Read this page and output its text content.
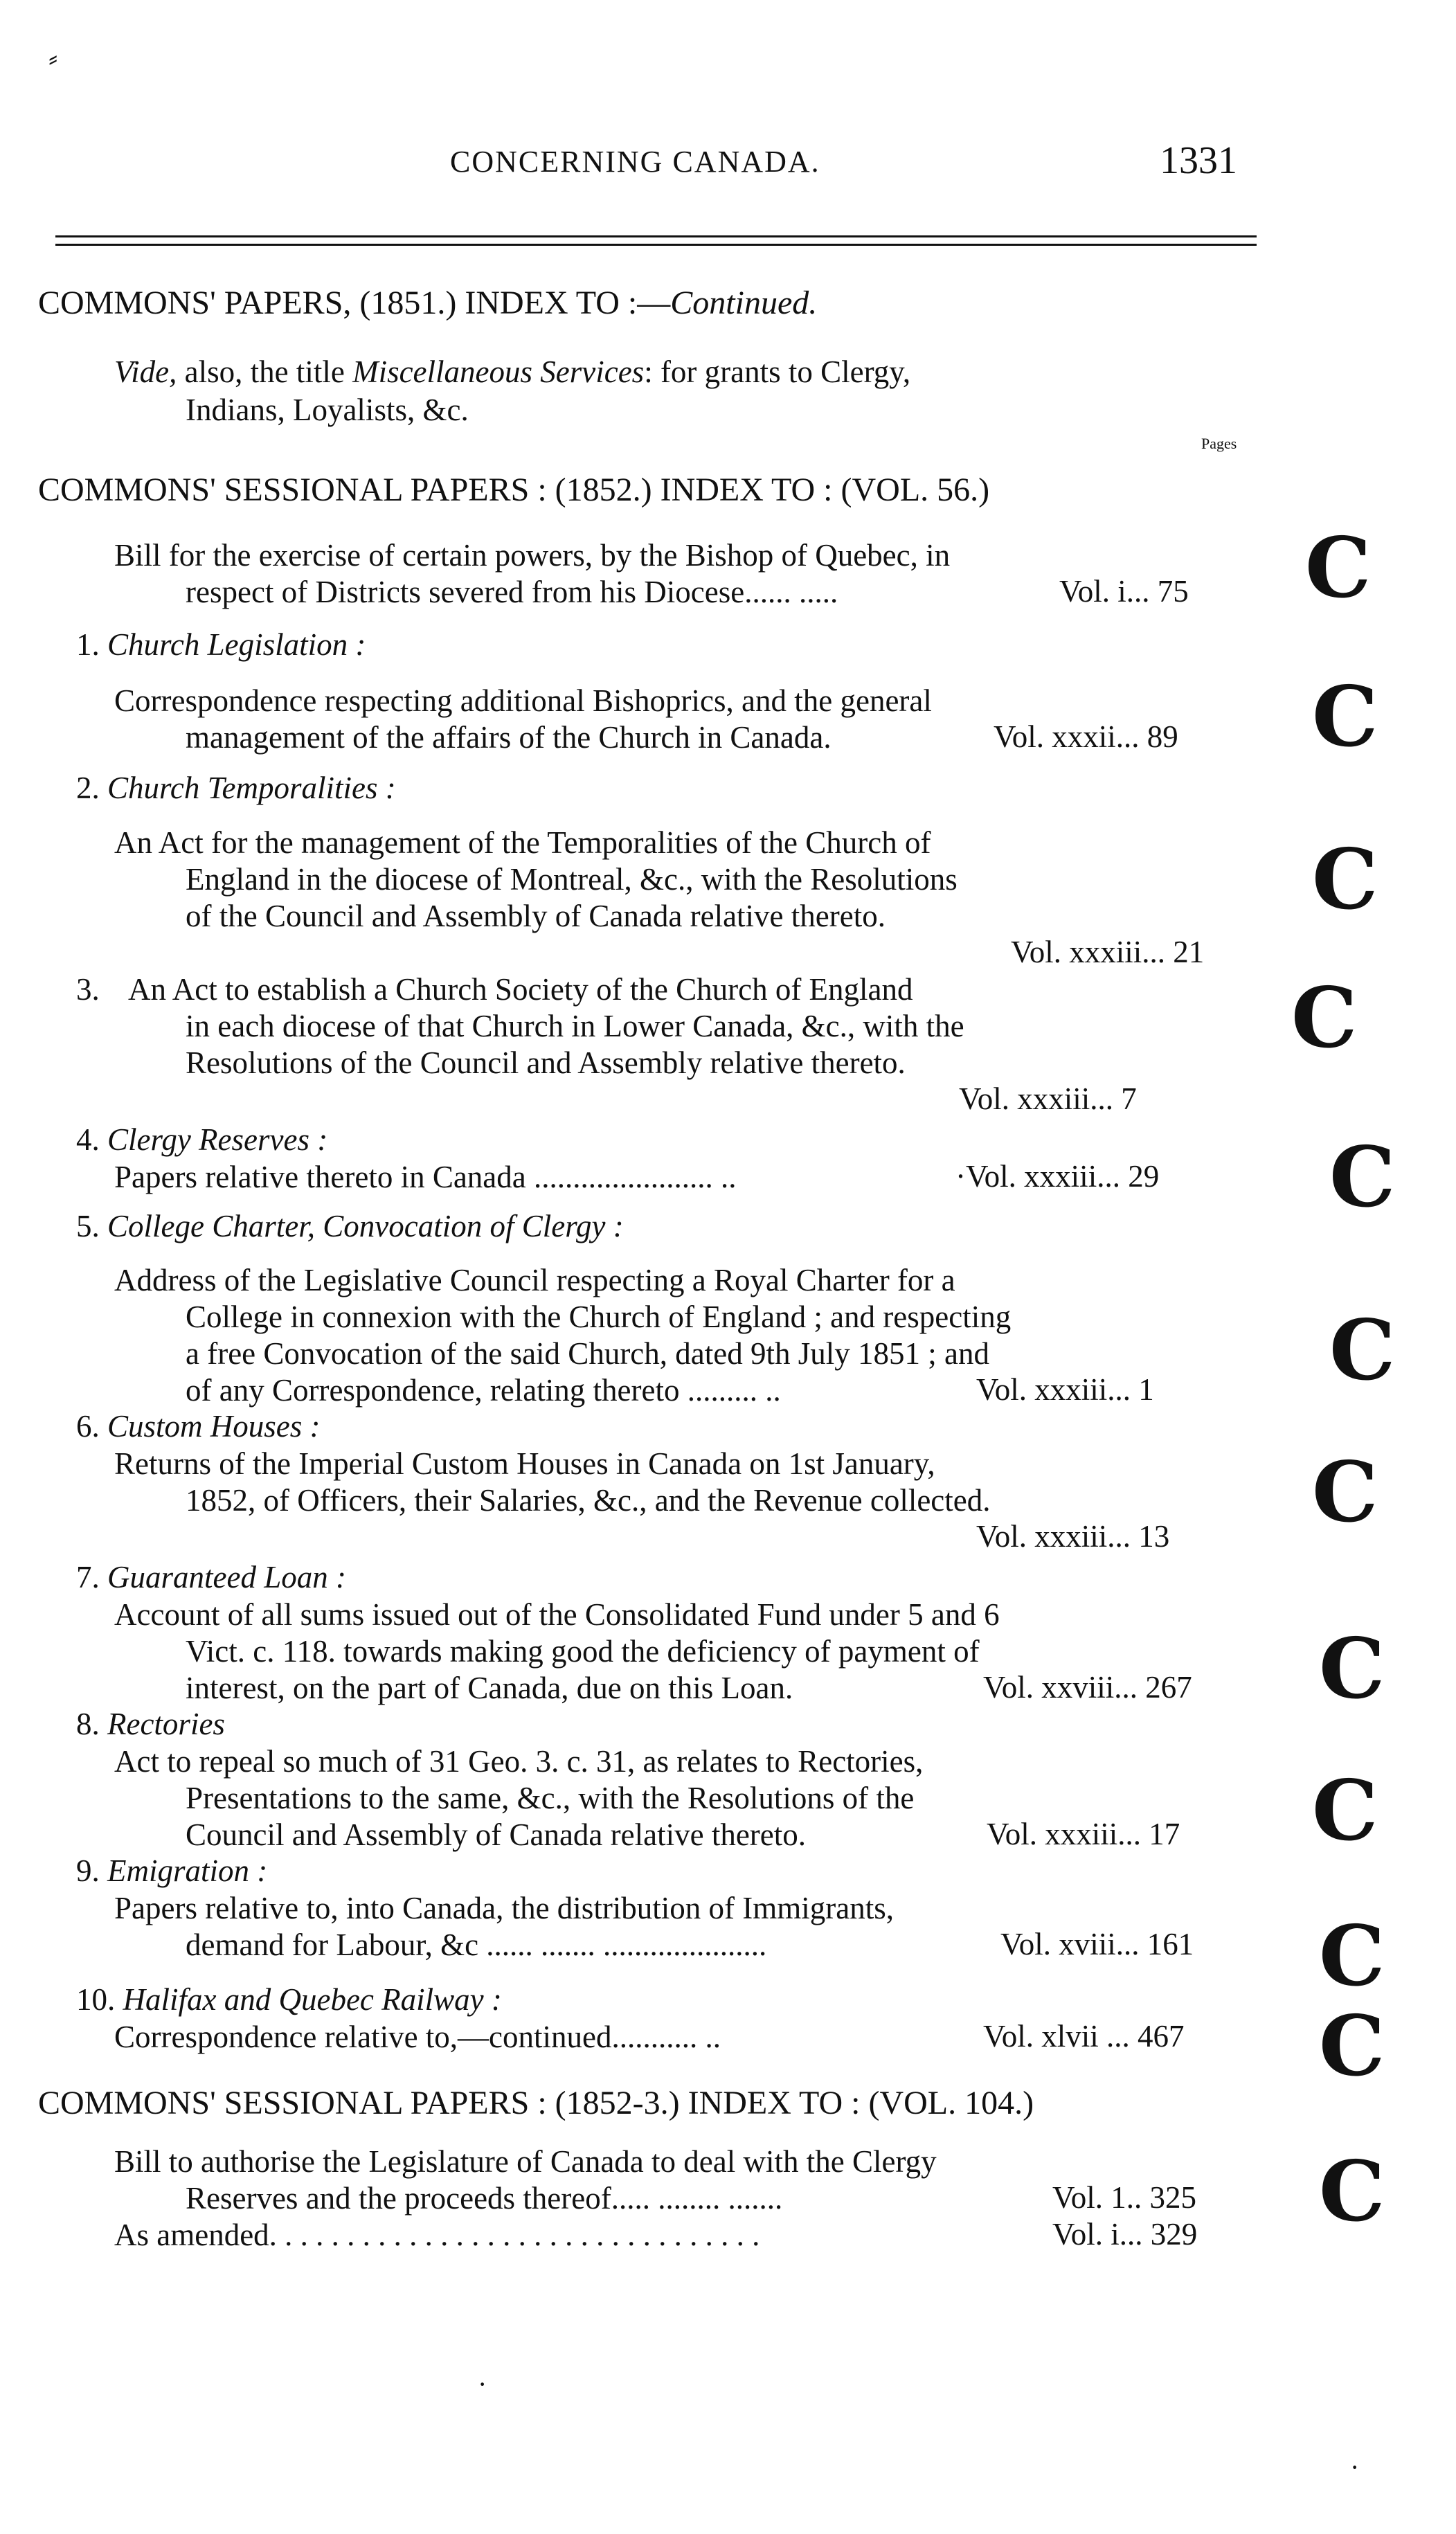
⸗
CONCERNING CANADA.	1331
COMMONS' PAPERS, (1851.) INDEX TO :—Continued.
Vide, also, the title Miscellaneous Services: for grants to Clergy,
Indians, Loyalists, &c.
Pages
COMMONS' SESSIONAL PAPERS : (1852.) INDEX TO : (VOL. 56.)
Bill for the exercise of certain powers, by the Bishop of Quebec, in
respect of Districts severed from his Diocese...... .....	Vol. i... 75
1. Church Legislation :
Correspondence respecting additional Bishoprics, and the general
management of the affairs of the Church in Canada.	Vol. xxxii... 89
2. Church Temporalities :
An Act for the management of the Temporalities of the Church of
England in the diocese of Montreal, &c., with the Resolutions
of the Council and Assembly of Canada relative thereto.
Vol. xxxiii... 21
3. An Act to establish a Church Society of the Church of England
in each diocese of that Church in Lower Canada, &c., with the
Resolutions of the Council and Assembly relative thereto.
Vol. xxxiii... 7
4. Clergy Reserves :
Papers relative thereto in Canada ....................... ..	·Vol. xxxiii... 29
5. College Charter, Convocation of Clergy :
Address of the Legislative Council respecting a Royal Charter for a
College in connexion with the Church of England ; and respecting
a free Convocation of the said Church, dated 9th July 1851 ; and
of any Correspondence, relating thereto ......... ..	Vol. xxxiii... 1
6. Custom Houses :
Returns of the Imperial Custom Houses in Canada on 1st January,
1852, of Officers, their Salaries, &c., and the Revenue collected.
Vol. xxxiii... 13
7. Guaranteed Loan :
Account of all sums issued out of the Consolidated Fund under 5 and 6
Vict. c. 118. towards making good the deficiency of payment of
interest, on the part of Canada, due on this Loan.	Vol. xxviii... 267
8. Rectories
Act to repeal so much of 31 Geo. 3. c. 31, as relates to Rectories,
Presentations to the same, &c., with the Resolutions of the
Council and Assembly of Canada relative thereto.	Vol. xxxiii... 17
9. Emigration :
Papers relative to, into Canada, the distribution of Immigrants,
demand for Labour, &c ...... ....... .....................	Vol. xviii... 161
10. Halifax and Quebec Railway :
Correspondence relative to,—continued........... ..	Vol. xlvii ... 467
COMMONS' SESSIONAL PAPERS : (1852-3.) INDEX TO : (VOL. 104.)
Bill to authorise the Legislature of Canada to deal with the Clergy
Reserves and the proceeds thereof..... ........ .......	Vol. 1.. 325
As amended. . . . . . . . . . . . . . . . . . . . . . . . . . . . . . . .	Vol. i... 329
C
C
C
C
C
C
C
C
C
C
C
C
·
·
